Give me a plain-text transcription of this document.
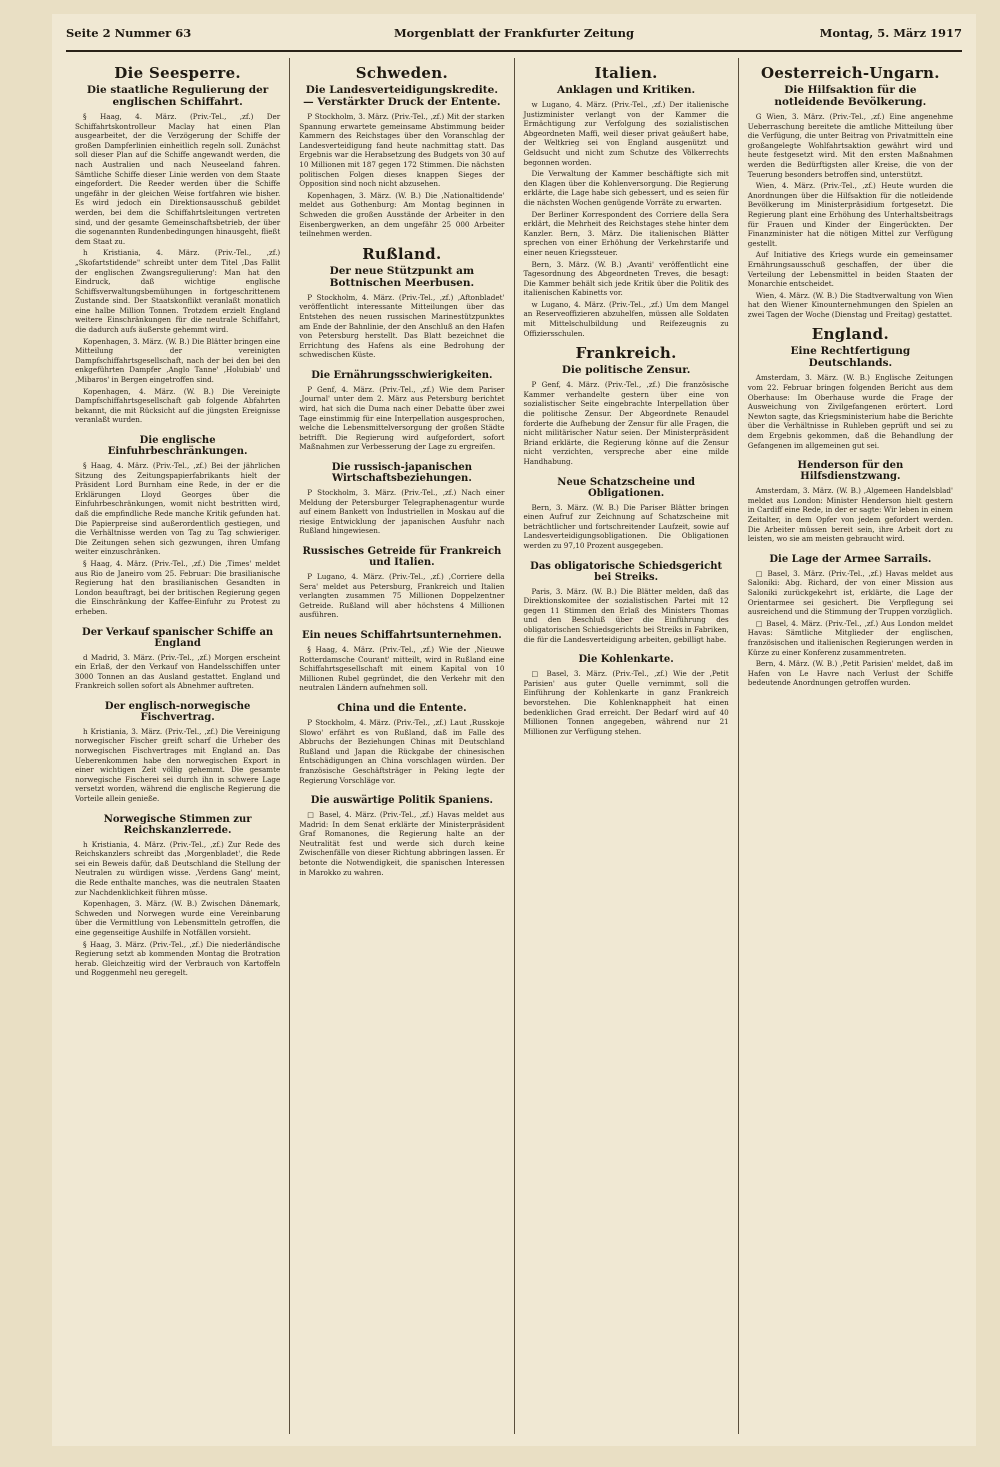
Seite 2 Nummer 63	Morgenblatt der Frankfurter Zeitung	Montag, 5. März 1917
Die Seesperre.
Die staatliche Regulierung der englischen Schiffahrt.

§ Haag, 4. März. (Priv.-Tel., ‚zf.) Der Schiffahrtskontrolleur Maclay hat einen Plan ausgearbeitet, der die Verzögerung der Schiffe der großen Dampferlinien einheitlich regeln soll. Zunächst soll dieser Plan auf die Schiffe angewandt werden, die nach Australien und nach Neuseeland fahren. Sämtliche Schiffe dieser Linie werden von dem Staate eingefordert. Die Reeder werden über die Schiffe ungefähr in der gleichen Weise fortfahren wie bisher. Es wird jedoch ein Direktionsausschuß gebildet werden, bei dem die Schiffahrtsleitungen vertreten sind, und der gesamte Gemeinschaftsbetrieb, der über die sogenannten Rundenbedingungen hinausgeht, fließt dem Staat zu.

h Kristiania, 4. März. (Priv.-Tel., ‚zf.) „Skofartstidende" schreibt unter dem Titel ‚Das Fallit der englischen Zwangsregulierung': Man hat den Eindruck, daß wichtige englische Schiffsverwaltungsbemühungen in fortgeschrittenem Zustande sind. Der Staatskonflikt veranlaßt monatlich eine halbe Million Tonnen. Trotzdem erzielt England weitere Einschränkungen für die neutrale Schiffahrt, die dadurch aufs äußerste gehemmt wird.

Kopenhagen, 3. März. (W. B.) Die Blätter bringen eine Mitteilung der vereinigten Dampfschiffahrtsgesellschaft, nach der bei den bei den enkgeführten Dampfer ‚Anglo Tanne' ‚Holubiab' und ‚Mibaros' in Bergen eingetroffen sind.

Kopenhagen, 4. März. (W. B.) Die Vereinigte Dampfschiffahrtsgesellschaft gab folgende Abfahrten bekannt, die mit Rücksicht auf die jüngsten Ereignisse veranlaßt wurden.

Die englische Einfuhrbeschränkungen.

§ Haag, 4. März. (Priv.-Tel., ‚zf.) Bei der jährlichen Sitzung des Zeitungspapierfabrikants hielt der Präsident Lord Burnham eine Rede, in der er die Erklärungen Lloyd Georges über die Einfuhrbeschränkungen, womit nicht bestritten wird, daß die empfindliche Rede manche Kritik gefunden hat. Die Papierpreise sind außerordentlich gestiegen, und die Verhältnisse werden von Tag zu Tag schwieriger. Die Zeitungen sehen sich gezwungen, ihren Umfang weiter einzuschränken.

§ Haag, 4. März. (Priv.-Tel., ‚zf.) Die ‚Times' meldet aus Rio de Janeiro vom 25. Februar: Die brasilianische Regierung hat den brasilianischen Gesandten in London beauftragt, bei der britischen Regierung gegen die Einschränkung der Kaffee-Einfuhr zu Protest zu erheben.

Der Verkauf spanischer Schiffe an England

d Madrid, 3. März. (Priv.-Tel., ‚zf.) Morgen erscheint ein Erlaß, der den Verkauf von Handelsschiffen unter 3000 Tonnen an das Ausland gestattet. England und Frankreich sollen sofort als Abnehmer auftreten.

Der englisch-norwegische Fischvertrag.

h Kristiania, 3. März. (Priv.-Tel., ‚zf.) Die Vereinigung norwegischer Fischer greift scharf die Urheber des norwegischen Fischvertrages mit England an. Das Ueberenkommen habe den norwegischen Export in einer wichtigen Zeit völlig gehemmt. Die gesamte norwegische Fischerei sei durch ihn in schwere Lage versetzt worden, während die englische Regierung die Vorteile allein genieße.

Norwegische Stimmen zur Reichskanzlerrede.

h Kristiania, 4. März. (Priv.-Tel., ‚zf.) Zur Rede des Reichskanzlers schreibt das ‚Morgenbladet', die Rede sei ein Beweis dafür, daß Deutschland die Stellung der Neutralen zu würdigen wisse. ‚Verdens Gang' meint, die Rede enthalte manches, was die neutralen Staaten zur Nachdenklichkeit führen müsse.

Kopenhagen, 3. März. (W. B.) Zwischen Dänemark, Schweden und Norwegen wurde eine Vereinbarung über die Vermittlung von Lebensmitteln getroffen, die eine gegenseitige Aushilfe in Notfällen vorsieht.

§ Haag, 3. März. (Priv.-Tel., ‚zf.) Die niederländische Regierung setzt ab kommenden Montag die Brotration herab. Gleichzeitig wird der Verbrauch von Kartoffeln und Roggenmehl neu geregelt.

Schweden.
Die Landesverteidigungskredite. — Verstärkter Druck der Entente.

P Stockholm, 3. März. (Priv.-Tel., ‚zf.) Mit der starken Spannung erwartete gemeinsame Abstimmung beider Kammern des Reichstages über den Voranschlag der Landesverteidigung fand heute nachmittag statt. Das Ergebnis war die Herabsetzung des Budgets von 30 auf 10 Millionen mit 187 gegen 172 Stimmen. Die nächsten politischen Folgen dieses knappen Sieges der Opposition sind noch nicht abzusehen.

Kopenhagen, 3. März. (W. B.) Die ‚Nationaltidende' meldet aus Gothenburg: Am Montag beginnen in Schweden die großen Ausstände der Arbeiter in den Eisenbergwerken, an dem ungefähr 25 000 Arbeiter teilnehmen werden.

Rußland.
Der neue Stützpunkt am Bottnischen Meerbusen.

P Stockholm, 4. März. (Priv.-Tel., ‚zf.) ‚Aftonbladet' veröffentlicht interessante Mitteilungen über das Entstehen des neuen russischen Marinestützpunktes am Ende der Bahnlinie, der den Anschluß an den Hafen von Petersburg herstellt. Das Blatt bezeichnet die Errichtung des Hafens als eine Bedrohung der schwedischen Küste.

Die Ernährungsschwierigkeiten.

P Genf, 4. März. (Priv.-Tel., ‚zf.) Wie dem Pariser ‚Journal' unter dem 2. März aus Petersburg berichtet wird, hat sich die Duma nach einer Debatte über zwei Tage einstimmig für eine Interpellation ausgesprochen, welche die Lebensmittelversorgung der großen Städte betrifft. Die Regierung wird aufgefordert, sofort Maßnahmen zur Verbesserung der Lage zu ergreifen.

Die russisch-japanischen Wirtschaftsbeziehungen.

P Stockholm, 3. März. (Priv.-Tel., ‚zf.) Nach einer Meldung der Petersburger Telegraphenagentur wurde auf einem Bankett von Industriellen in Moskau auf die riesige Entwicklung der japanischen Ausfuhr nach Rußland hingewiesen.

Russisches Getreide für Frankreich und Italien.

P Lugano, 4. März. (Priv.-Tel., ‚zf.) ‚Corriere della Sera' meldet aus Petersburg, Frankreich und Italien verlangten zusammen 75 Millionen Doppelzentner Getreide. Rußland will aber höchstens 4 Millionen ausführen.

Ein neues Schiffahrtsunternehmen.

§ Haag, 4. März. (Priv.-Tel., ‚zf.) Wie der ‚Nieuwe Rotterdamsche Courant' mitteilt, wird in Rußland eine Schiffahrtsgesellschaft mit einem Kapital von 10 Millionen Rubel gegründet, die den Verkehr mit den neutralen Ländern aufnehmen soll.

China und die Entente.

P Stockholm, 4. März. (Priv.-Tel., ‚zf.) Laut ‚Russkoje Slowo' erfährt es von Rußland, daß im Falle des Abbruchs der Beziehungen Chinas mit Deutschland Rußland und Japan die Rückgabe der chinesischen Entschädigungen an China vorschlagen würden. Der französische Geschäftsträger in Peking legte der Regierung Vorschläge vor.

Die auswärtige Politik Spaniens.

□ Basel, 4. März. (Priv.-Tel., ‚zf.) Havas meldet aus Madrid: In dem Senat erklärte der Ministerpräsident Graf Romanones, die Regierung halte an der Neutralität fest und werde sich durch keine Zwischenfälle von dieser Richtung abbringen lassen. Er betonte die Notwendigkeit, die spanischen Interessen in Marokko zu wahren.

Italien.
Anklagen und Kritiken.

w Lugano, 4. März. (Priv.-Tel., ‚zf.) Der italienische Justizminister verlangt von der Kammer die Ermächtigung zur Verfolgung des sozialistischen Abgeordneten Maffi, weil dieser privat geäußert habe, der Weltkrieg sei von England ausgenützt und Geldsucht und nicht zum Schutze des Völkerrechts begonnen worden.

Die Verwaltung der Kammer beschäftigte sich mit den Klagen über die Kohlenversorgung. Die Regierung erklärte, die Lage habe sich gebessert, und es seien für die nächsten Wochen genügende Vorräte zu erwarten.

Der Berliner Korrespondent des Corriere della Sera erklärt, die Mehrheit des Reichstages stehe hinter dem Kanzler. Bern, 3. März. Die italienischen Blätter sprechen von einer Erhöhung der Verkehrstarife und einer neuen Kriegssteuer.

Bern, 3. März. (W. B.) ‚Avanti' veröffentlicht eine Tagesordnung des Abgeordneten Treves, die besagt: Die Kammer behält sich jede Kritik über die Politik des italienischen Kabinetts vor.

w Lugano, 4. März. (Priv.-Tel., ‚zf.) Um dem Mangel an Reserveoffizieren abzuhelfen, müssen alle Soldaten mit Mittelschulbildung und Reifezeugnis zu Offiziersschulen.

Frankreich.
Die politische Zensur.

P Genf, 4. März. (Priv.-Tel., ‚zf.) Die französische Kammer verhandelte gestern über eine von sozialistischer Seite eingebrachte Interpellation über die politische Zensur. Der Abgeordnete Renaudel forderte die Aufhebung der Zensur für alle Fragen, die nicht militärischer Natur seien. Der Ministerpräsident Briand erklärte, die Regierung könne auf die Zensur nicht verzichten, verspreche aber eine milde Handhabung.

Neue Schatzscheine und Obligationen.

Bern, 3. März. (W. B.) Die Pariser Blätter bringen einen Aufruf zur Zeichnung auf Schatzscheine mit beträchtlicher und fortschreitender Laufzeit, sowie auf Landesverteidigungsobligationen. Die Obligationen werden zu 97,10 Prozent ausgegeben.

Das obligatorische Schiedsgericht bei Streiks.

Paris, 3. März. (W. B.) Die Blätter melden, daß das Direktionskomitee der sozialistischen Partei mit 12 gegen 11 Stimmen den Erlaß des Ministers Thomas und den Beschluß über die Einführung des obligatorischen Schiedsgerichts bei Streiks in Fabriken, die für die Landesverteidigung arbeiten, gebilligt habe.

Die Kohlenkarte.

□ Basel, 3. März. (Priv.-Tel., ‚zf.) Wie der ‚Petit Parisien' aus guter Quelle vernimmt, soll die Einführung der Kohlenkarte in ganz Frankreich bevorstehen. Die Kohlenknappheit hat einen bedenklichen Grad erreicht. Der Bedarf wird auf 40 Millionen Tonnen angegeben, während nur 21 Millionen zur Verfügung stehen.

Oesterreich-Ungarn.
Die Hilfsaktion für die notleidende Bevölkerung.

G Wien, 3. März. (Priv.-Tel., ‚zf.) Eine angenehme Ueberraschung bereitete die amtliche Mitteilung über die Verfügung, die unter Beitrag von Privatmitteln eine großangelegte Wohlfahrtsaktion gewährt wird und heute festgesetzt wird. Mit den ersten Maßnahmen werden die Bedürftigsten aller Kreise, die von der Teuerung besonders betroffen sind, unterstützt.

Wien, 4. März. (Priv.-Tel., ‚zf.) Heute wurden die Anordnungen über die Hilfsaktion für die notleidende Bevölkerung im Ministerpräsidium fortgesetzt. Die Regierung plant eine Erhöhung des Unterhaltsbeitrags für Frauen und Kinder der Eingerückten. Der Finanzminister hat die nötigen Mittel zur Verfügung gestellt.

Auf Initiative des Kriegs wurde ein gemeinsamer Ernährungsausschuß geschaffen, der über die Verteilung der Lebensmittel in beiden Staaten der Monarchie entscheidet.

Wien, 4. März. (W. B.) Die Stadtverwaltung von Wien hat den Wiener Kinounternehmungen den Spielen an zwei Tagen der Woche (Dienstag und Freitag) gestattet.

England.
Eine Rechtfertigung Deutschlands.

Amsterdam, 3. März. (W. B.) Englische Zeitungen vom 22. Februar bringen folgenden Bericht aus dem Oberhause: Im Oberhause wurde die Frage der Ausweichung von Zivilgefangenen erörtert. Lord Newton sagte, das Kriegsministerium habe die Berichte über die Verhältnisse in Ruhleben geprüft und sei zu dem Ergebnis gekommen, daß die Behandlung der Gefangenen im allgemeinen gut sei.

Henderson für den Hilfsdienstzwang.

Amsterdam, 3. März. (W. B.) ‚Algemeen Handelsblad' meldet aus London: Minister Henderson hielt gestern in Cardiff eine Rede, in der er sagte: Wir leben in einem Zeitalter, in dem Opfer von jedem gefordert werden. Die Arbeiter müssen bereit sein, ihre Arbeit dort zu leisten, wo sie am meisten gebraucht wird.

Die Lage der Armee Sarrails.

□ Basel, 3. März. (Priv.-Tel., ‚zf.) Havas meldet aus Saloniki: Abg. Richard, der von einer Mission aus Saloniki zurückgekehrt ist, erklärte, die Lage der Orientarmee sei gesichert. Die Verpflegung sei ausreichend und die Stimmung der Truppen vorzüglich.

□ Basel, 4. März. (Priv.-Tel., ‚zf.) Aus London meldet Havas: Sämtliche Mitglieder der englischen, französischen und italienischen Regierungen werden in Kürze zu einer Konferenz zusammentreten.

Bern, 4. März. (W. B.) ‚Petit Parisien' meldet, daß im Hafen von Le Havre nach Verlust der Schiffe bedeutende Anordnungen getroffen wurden.
